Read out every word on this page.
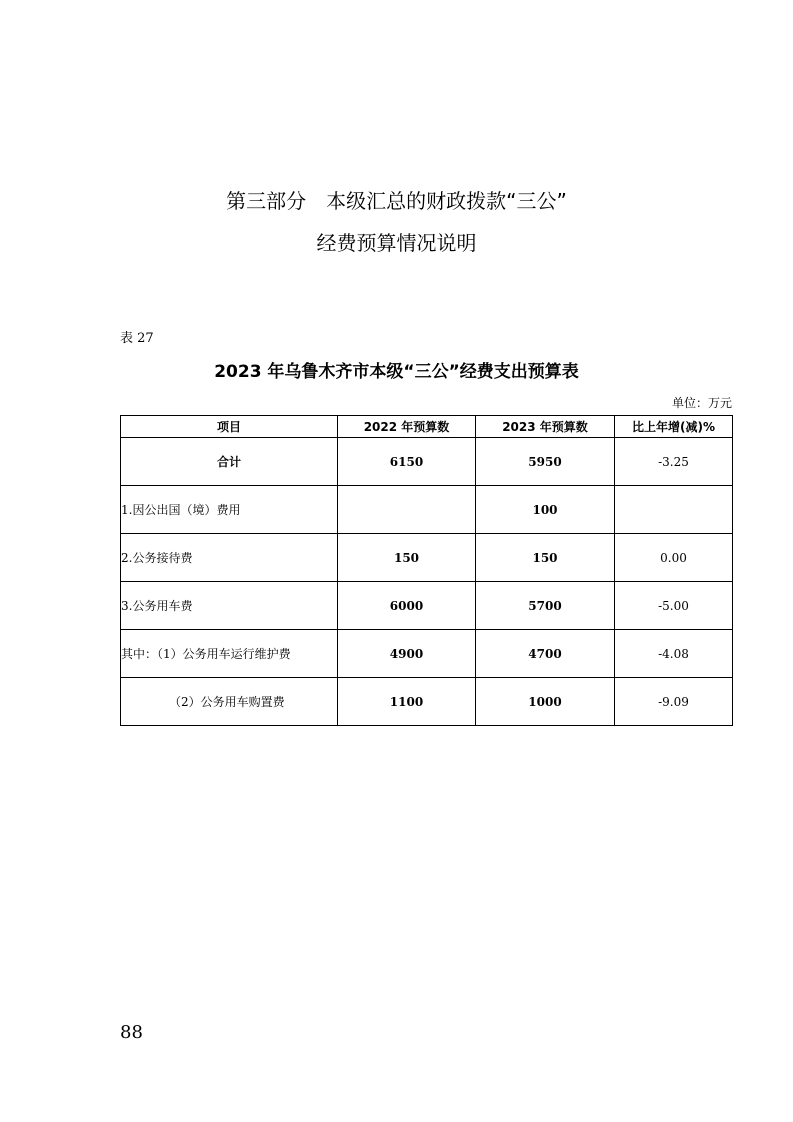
第三部分　本级汇总的财政拨款“三公”
经费预算情况说明
表 27
2023 年乌鲁木齐市本级“三公”经费支出预算表
单位：万元
项目	2022 年预算数	2023 年预算数	比上年增(减)%
合计	6150	5950	-3.25
1.因公出国（境）费用		100	
2.公务接待费	150	150	0.00
3.公务用车费	6000	5700	-5.00
其中：（1）公务用车运行维护费	4900	4700	-4.08
（2）公务用车购置费	1100	1000	-9.09
88
